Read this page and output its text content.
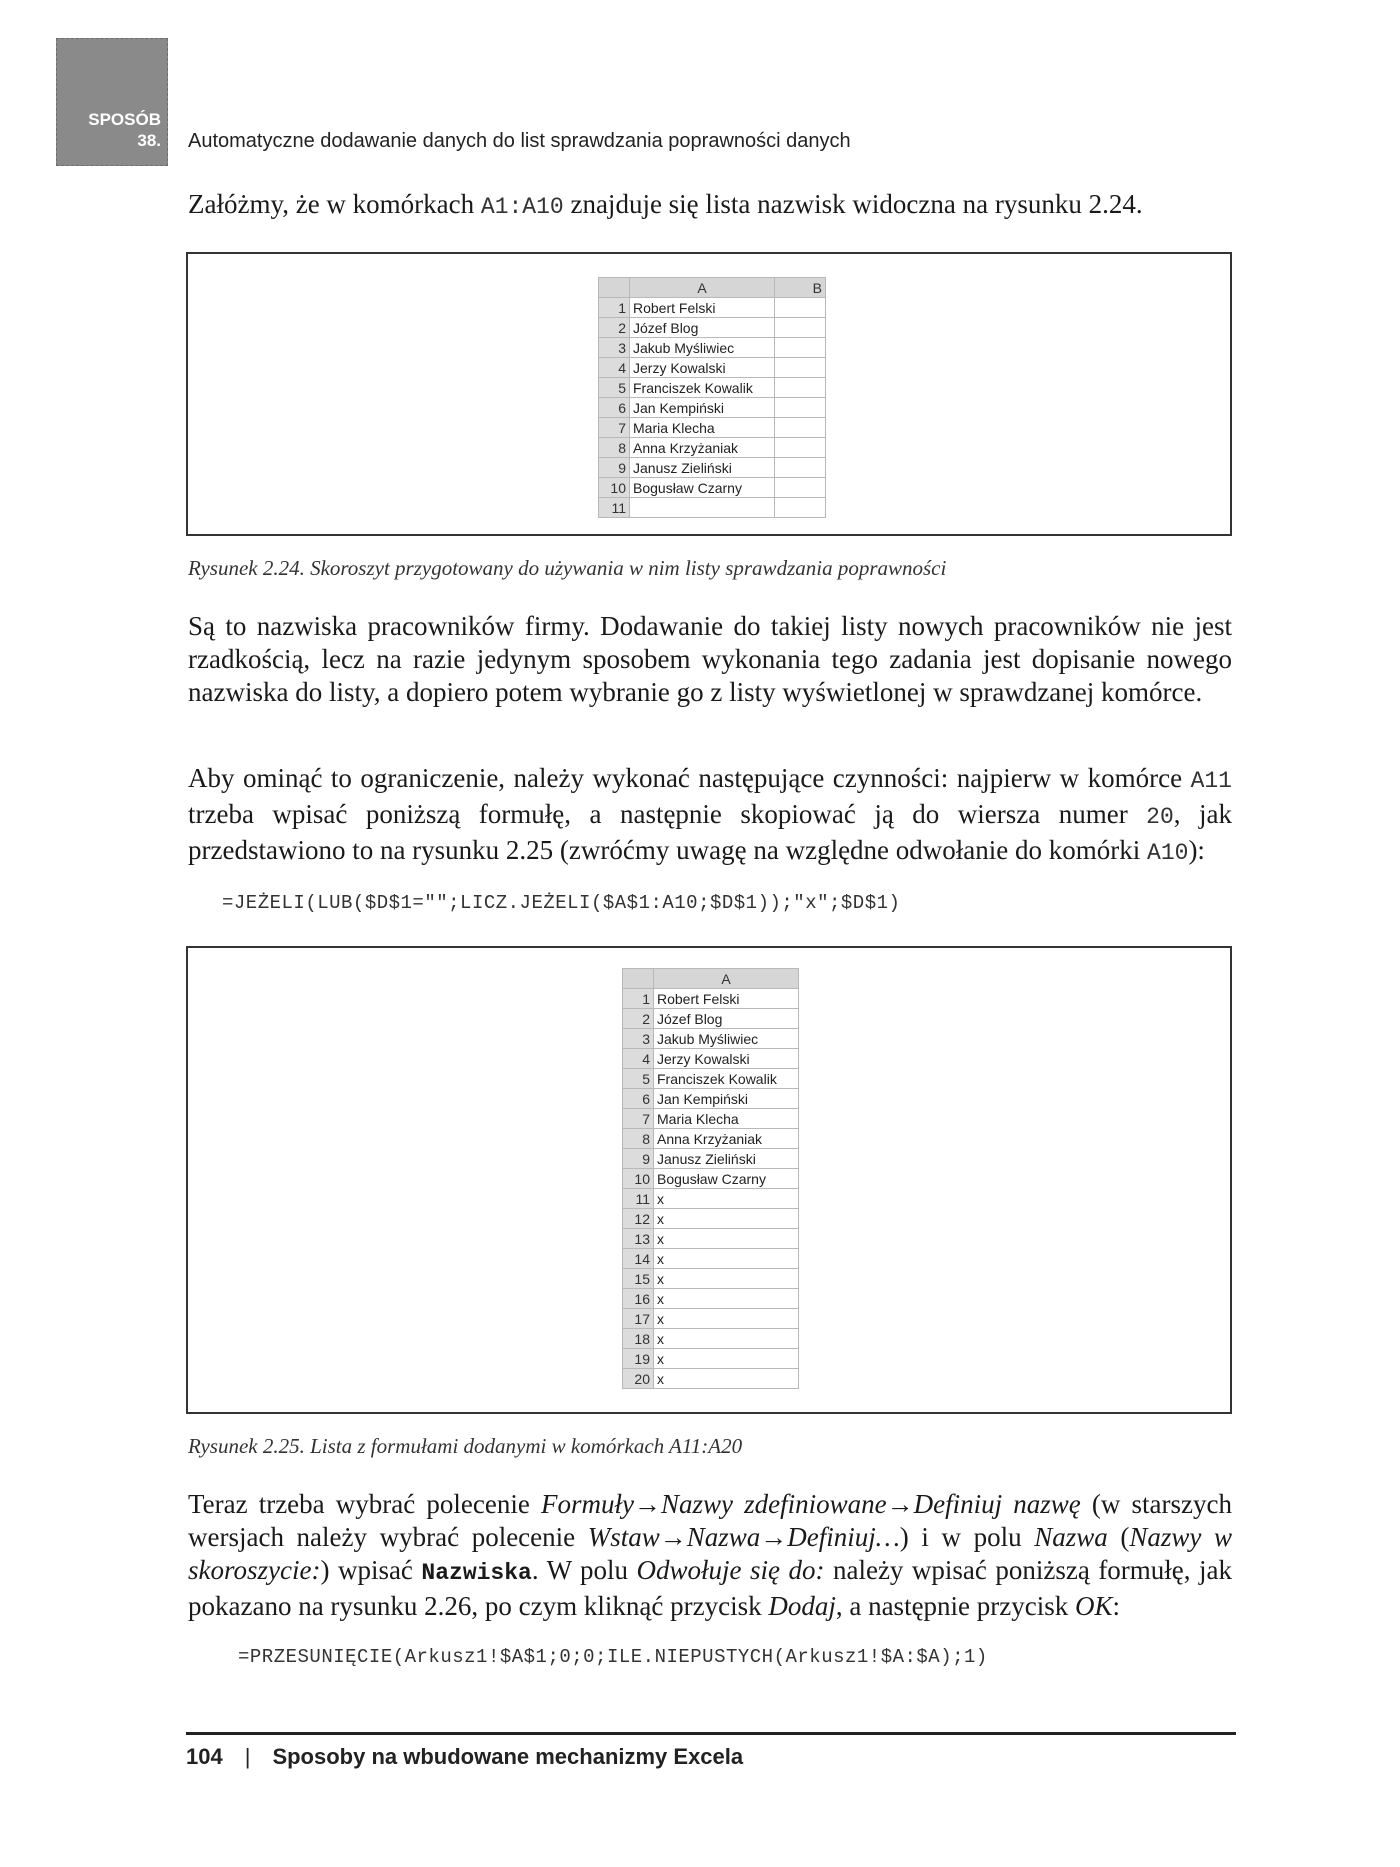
SPOSÓB
38. Automatyczne dodawanie danych do list sprawdzania poprawności danych
Załóżmy, że w komórkach A1:A10 znajduje się lista nazwisk widoczna na rysunku 2.24.
	A	B
1	Robert Felski	
2	Józef Blog	
3	Jakub Myśliwiec	
4	Jerzy Kowalski	
5	Franciszek Kowalik	
6	Jan Kempiński	
7	Maria Klecha	
8	Anna Krzyżaniak	
9	Janusz Zieliński	
10	Bogusław Czarny	
11		
Rysunek 2.24. Skoroszyt przygotowany do używania w nim listy sprawdzania poprawności
Są to nazwiska pracowników firmy. Dodawanie do takiej listy nowych pracowników nie jest rzadkością, lecz na razie jedynym sposobem wykonania tego zadania jest dopisanie nowego nazwiska do listy, a dopiero potem wybranie go z listy wyświetlonej w sprawdzanej komórce.
Aby ominąć to ograniczenie, należy wykonać następujące czynności: najpierw w komórce A11 trzeba wpisać poniższą formułę, a następnie skopiować ją do wiersza numer 20, jak przedstawiono to na rysunku 2.25 (zwróćmy uwagę na względne odwołanie do komórki A10):
=JEŻELI(LUB($D$1="";LICZ.JEŻELI($A$1:A10;$D$1));"x";$D$1)
	A
1	Robert Felski
2	Józef Blog
3	Jakub Myśliwiec
4	Jerzy Kowalski
5	Franciszek Kowalik
6	Jan Kempiński
7	Maria Klecha
8	Anna Krzyżaniak
9	Janusz Zieliński
10	Bogusław Czarny
11	x
12	x
13	x
14	x
15	x
16	x
17	x
18	x
19	x
20	x
Rysunek 2.25. Lista z formułami dodanymi w komórkach A11:A20
Teraz trzeba wybrać polecenie Formuły→Nazwy zdefiniowane→Definiuj nazwę (w starszych wersjach należy wybrać polecenie Wstaw→Nazwa→Definiuj…) i w polu Nazwa (Nazwy w skoroszycie:) wpisać Nazwiska. W polu Odwołuje się do: należy wpisać poniższą formułę, jak pokazano na rysunku 2.26, po czym kliknąć przycisk Dodaj, a następnie przycisk OK:
=PRZESUNIĘCIE(Arkusz1!$A$1;0;0;ILE.NIEPUSTYCH(Arkusz1!$A:$A);1)
104 | Sposoby na wbudowane mechanizmy Excela
